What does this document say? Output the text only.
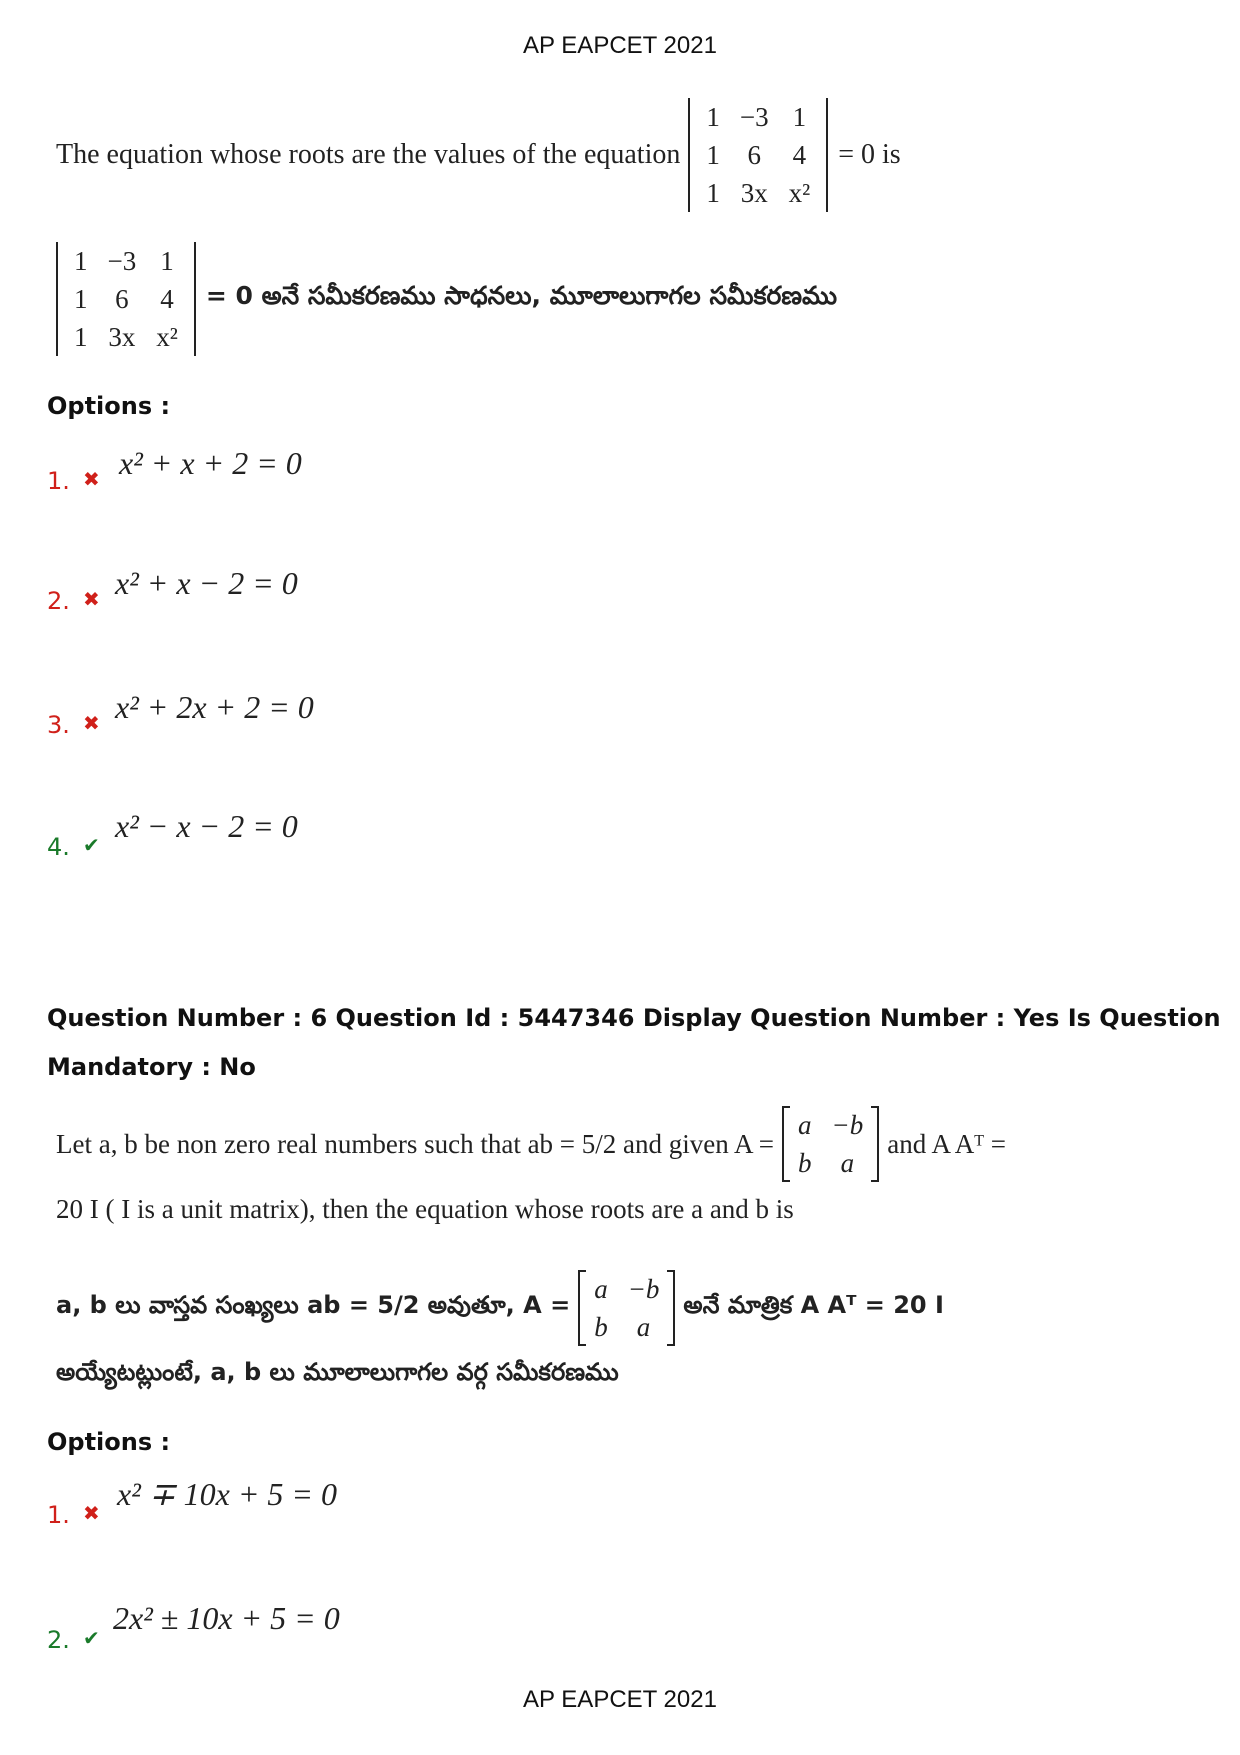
AP EAPCET 2021
The equation whose roots are the values of the equation
1	−3	1
1	6	4
1	3x	x²
= 0 is
1	−3	1
1	6	4
1	3x	x²
= 0 అనే సమీకరణము సాధనలు, మూలాలుగాగల సమీకరణము
Options :
1. ✖ x² + x + 2 = 0
2. ✖ x² + x − 2 = 0
3. ✖ x² + 2x + 2 = 0
4. ✔
x² − x − 2 = 0
Question Number : 6 Question Id : 5447346 Display Question Number : Yes Is Question
Mandatory : No
Let a, b be non zero real numbers such that ab = 5/2 and given A =
a	−b
b	a
and A Aᵀ =
20 I ( I is a unit matrix), then the equation whose roots are a and b is
a, b లు వాస్తవ సంఖ్యలు ab = 5/2 అవుతూ, A =
a	−b
b	a
అనే మాత్రిక A Aᵀ = 20 I
అయ్యేటట్లుంటే, a, b లు మూలాలుగాగల వర్గ సమీకరణము
Options :
1. ✖
x² ∓ 10x + 5 = 0
2. ✔
2x² ± 10x + 5 = 0
AP EAPCET 2021
